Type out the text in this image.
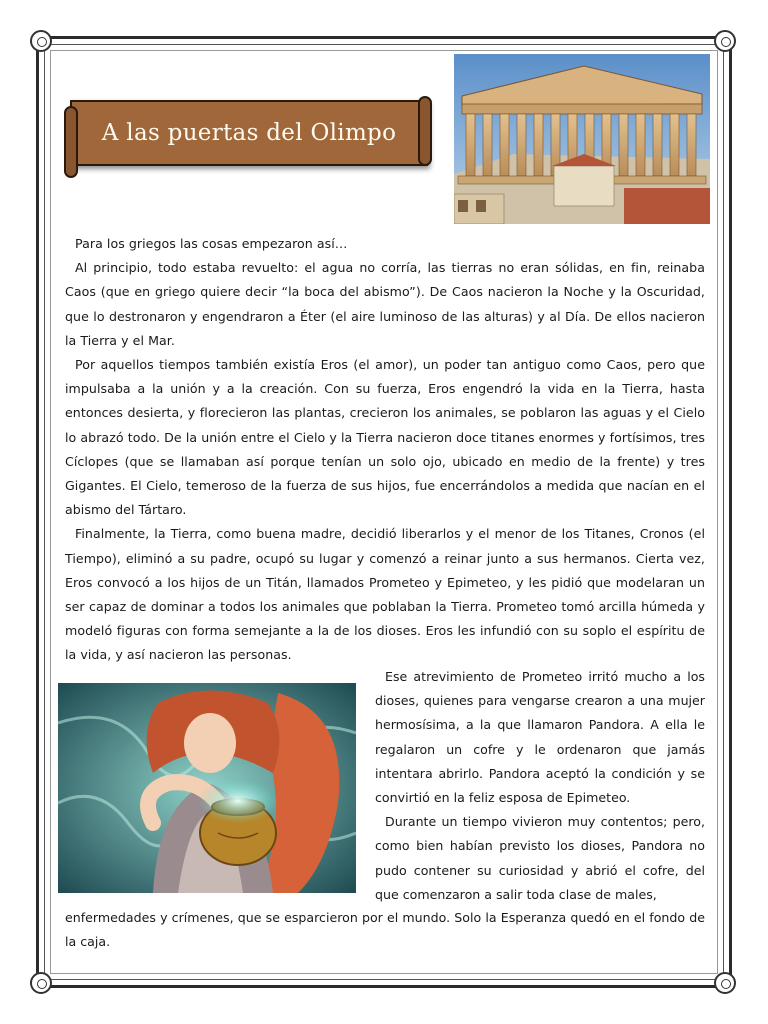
A las puertas del Olimpo

Para los griegos las cosas empezaron así…

Al principio, todo estaba revuelto: el agua no corría, las tierras no eran sólidas, en fin, reinaba Caos (que en griego quiere decir “la boca del abismo”). De Caos nacieron la Noche y la Oscuridad, que lo destronaron y engendraron a Éter (el aire luminoso de las alturas) y al Día. De ellos nacieron la Tierra y el Mar.

Por aquellos tiempos también existía Eros (el amor), un poder tan antiguo como Caos, pero que impulsaba a la unión y a la creación. Con su fuerza, Eros engendró la vida en la Tierra, hasta entonces desierta, y florecieron las plantas, crecieron los animales, se poblaron las aguas y el Cielo lo abrazó todo. De la unión entre el Cielo y la Tierra nacieron doce titanes enormes y fortísimos, tres Cíclopes (que se llamaban así porque tenían un solo ojo, ubicado en medio de la frente) y tres Gigantes. El Cielo, temeroso de la fuerza de sus hijos, fue encerrándolos a medida que nacían en el abismo del Tártaro.

Finalmente, la Tierra, como buena madre, decidió liberarlos y el menor de los Titanes, Cronos (el Tiempo), eliminó a su padre, ocupó su lugar y comenzó a reinar junto a sus hermanos. Cierta vez, Eros convocó a los hijos de un Titán, llamados Prometeo y Epimeteo, y les pidió que modelaran un ser capaz de dominar a todos los animales que poblaban la Tierra. Prometeo tomó arcilla húmeda y modeló figuras con forma semejante a la de los dioses. Eros les infundió con su soplo el espíritu de la vida, y así nacieron las personas.

Ese atrevimiento de Prometeo irritó mucho a los dioses, quienes para vengarse crearon a una mujer hermosísima, a la que llamaron Pandora. A ella le regalaron un cofre y le ordenaron que jamás intentara abrirlo. Pandora aceptó la condición y se convirtió en la feliz esposa de Epimeteo.

Durante un tiempo vivieron muy contentos; pero, como bien habían previsto los dioses, Pandora no pudo contener su curiosidad y abrió el cofre, del que comenzaron a salir toda clase de males,

enfermedades y crímenes, que se esparcieron por el mundo. Solo la Esperanza quedó en el fondo de la caja.
